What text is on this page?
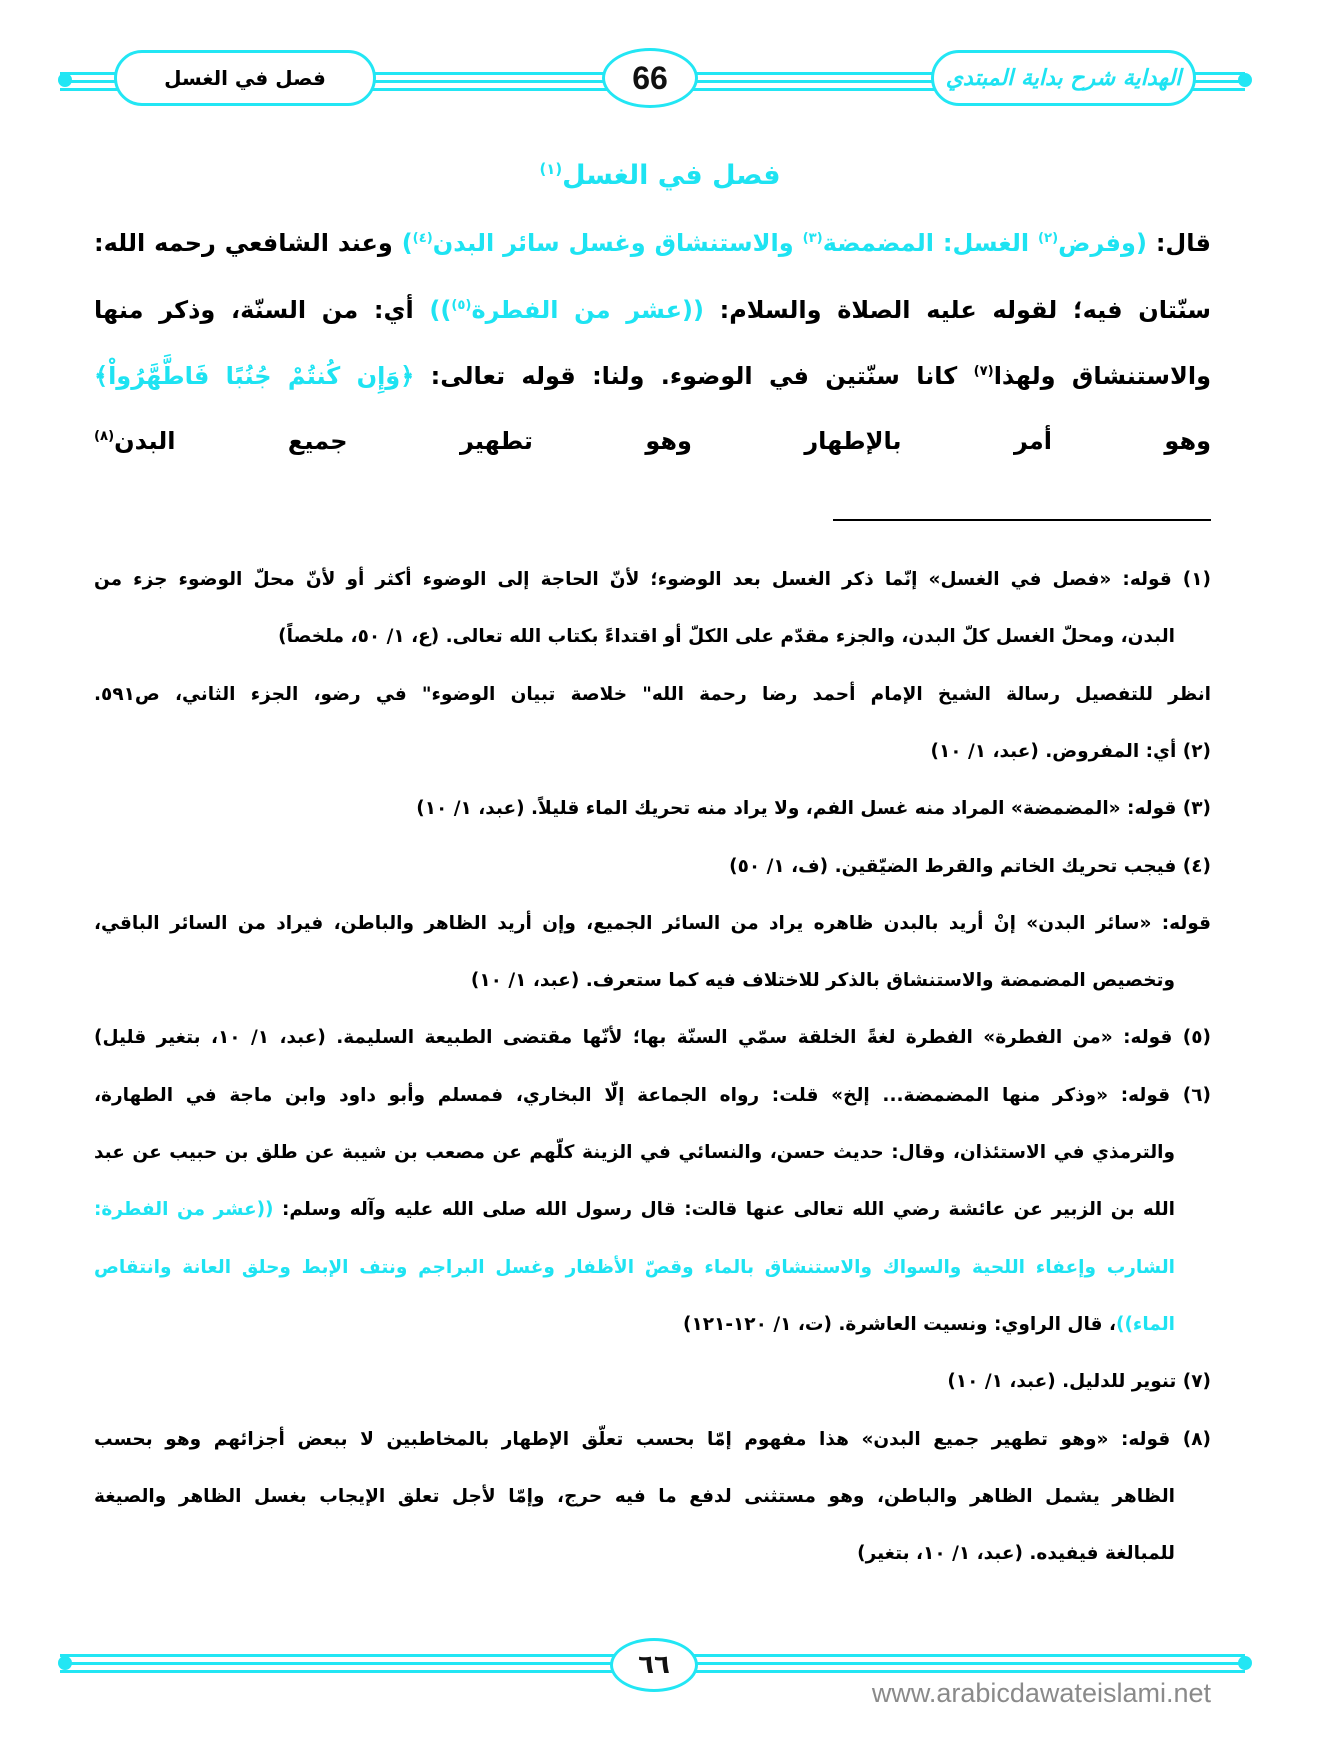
فصل في الغسل	66	الهداية شرح بداية المبتدي
فصل في الغسل$^{(١)}$
قال: (وفرض$^{(٢)}$ الغسل: المضمضة$^{(٣)}$ والاستنشاق وغسل سائر البدن$^{(٤)}$) وعند الشافعي رحمه الله:
سنّتان فيه؛ لقوله عليه الصلاة والسلام: ((عشر من الفطرة$^{(٥)}$)) أي: من السنّة، وذكر منها
والاستنشاق ولهذا$^{(٧)}$ كانا سنّتين في الوضوء. ولنا: قوله تعالى: ﴿وَإِن كُنتُمْ جُنُبًا فَاطَّهَّرُواْ﴾
وهو أمر بالإطهار وهو تطهير جميع البدن$^{(٨)}$
(١) قوله: «فصل في الغسل» إنّما ذكر الغسل بعد الوضوء؛ لأنّ الحاجة إلى الوضوء أكثر أو لأنّ محلّ الوضوء جزء من
البدن، ومحلّ الغسل كلّ البدن، والجزء مقدّم على الكلّ أو اقتداءً بكتاب الله تعالى. (ع، ١/ ٥٠، ملخصاً)
انظر للتفصيل رسالة الشيخ الإمام أحمد رضا رحمة الله" خلاصة تبيان الوضوء" في رضو، الجزء الثاني، ص٥٩١.
(٢) أي: المفروض. (عبد، ١/ ١٠)
(٣) قوله: «المضمضة» المراد منه غسل الفم، ولا يراد منه تحريك الماء قليلاً. (عبد، ١/ ١٠)
(٤) فيجب تحريك الخاتم والقرط الضيّقين. (ف، ١/ ٥٠)
قوله: «سائر البدن» إنْ أريد بالبدن ظاهره يراد من السائر الجميع، وإن أريد الظاهر والباطن، فيراد من السائر الباقي،
وتخصيص المضمضة والاستنشاق بالذكر للاختلاف فيه كما ستعرف. (عبد، ١/ ١٠)
(٥) قوله: «من الفطرة» الفطرة لغةً الخلقة سمّي السنّة بها؛ لأنّها مقتضى الطبيعة السليمة. (عبد، ١/ ١٠، بتغير قليل)
(٦) قوله: «وذكر منها المضمضة... إلخ» قلت: رواه الجماعة إلّا البخاري، فمسلم وأبو داود وابن ماجة في الطهارة،
والترمذي في الاستئذان، وقال: حديث حسن، والنسائي في الزينة كلّهم عن مصعب بن شيبة عن طلق بن حبيب عن عبد
الله بن الزبير عن عائشة رضي الله تعالى عنها قالت: قال رسول الله صلى الله عليه وآله وسلم: ((عشر من الفطرة:
الشارب وإعفاء اللحية والسواك والاستنشاق بالماء وقصّ الأظفار وغسل البراجم ونتف الإبط وحلق العانة وانتقاص
الماء))، قال الراوي: ونسيت العاشرة. (ت، ١/ ١٢٠-١٢١)
(٧) تنوير للدليل. (عبد، ١/ ١٠)
(٨) قوله: «وهو تطهير جميع البدن» هذا مفهوم إمّا بحسب تعلّق الإطهار بالمخاطبين لا ببعض أجزائهم وهو بحسب
الظاهر يشمل الظاهر والباطن، وهو مستثنى لدفع ما فيه حرج، وإمّا لأجل تعلق الإيجاب بغسل الظاهر والصيغة
للمبالغة فيفيده. (عبد، ١/ ١٠، بتغير)
٦٦
www.arabicdawateislami.net
